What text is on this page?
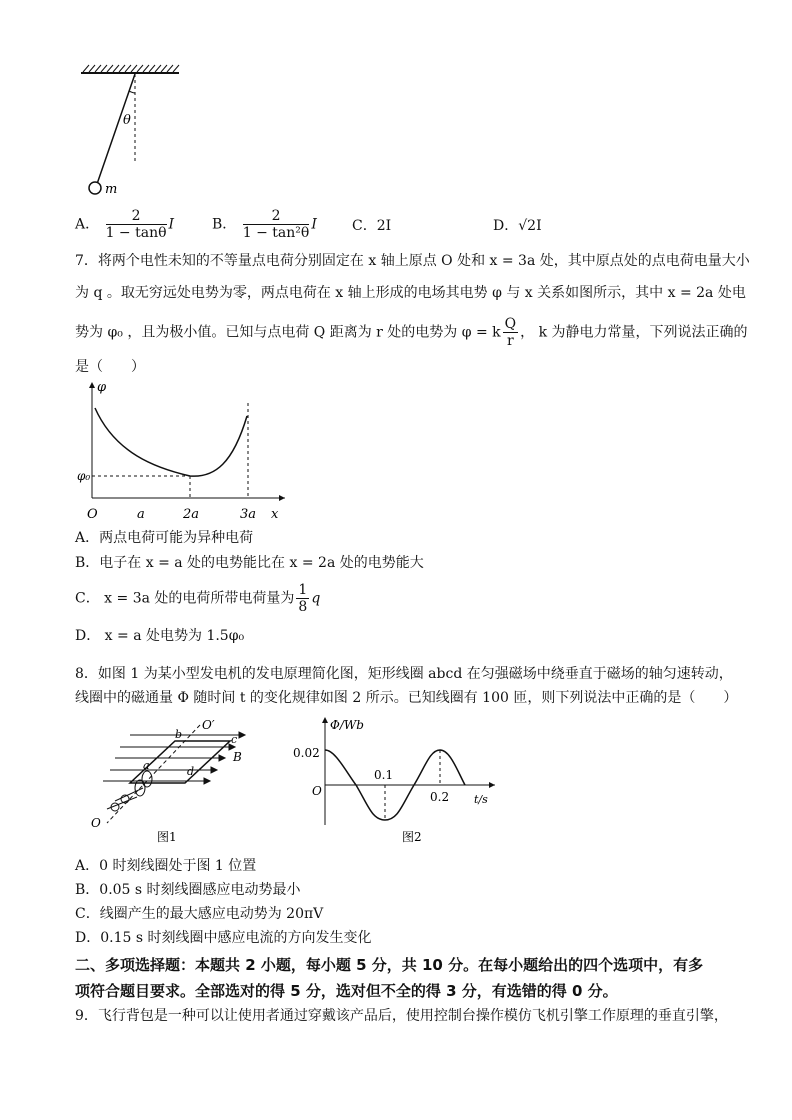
θ
m
A． $\frac{2}{1 - \tan\theta}$ I	B． $\frac{2}{\text{1 − tan²θ}}$ I	C．2I	D．√2I
7．将两个电性未知的不等量点电荷分别固定在 x 轴上原点 O 处和 x = 3a 处，其中原点处的点电荷电量大小
为 q 。取无穷远处电势为零，两点电荷在 x 轴上形成的电场其电势 φ 与 x 关系如图所示，其中 x = 2a 处电
势为 φ₀ ，且为极小值。已知与点电荷 Q 距离为 r 处的电势为 φ = k $\frac{Q}{r}$ ， k 为静电力常量，下列说法正确的
是（　　）
φ
x
φ₀
O	a	2a	3a
A．两点电荷可能为异种电荷
B．电子在 x = a 处的电势能比在 x = 2a 处的电势能大
C． x = 3a 处的电荷所带电荷量为 $\frac{1}{8}$ q
D． x = a 处电势为 1.5φ₀
8．如图 1 为某小型发电机的发电原理简化图，矩形线圈 abcd 在匀强磁场中绕垂直于磁场的轴匀速转动，
线圈中的磁通量 Φ 随时间 t 的变化规律如图 2 所示。已知线圈有 100 匝，则下列说法中正确的是（　　）
O′
b	c
B
a	d
O
图1
Φ/Wb
t/s
O
0.02
0.1
0.2
图2
A．0 时刻线圈处于图 1 位置
B．0.05 s 时刻线圈感应电动势最小
C．线圈产生的最大感应电动势为 20πV
D．0.15 s 时刻线圈中感应电流的方向发生变化
二、多项选择题：本题共 2 小题，每小题 5 分，共 10 分。在每小题给出的四个选项中，有多
项符合题目要求。全部选对的得 5 分，选对但不全的得 3 分，有选错的得 0 分。
9．飞行背包是一种可以让使用者通过穿戴该产品后，使用控制台操作模仿飞机引擎工作原理的垂直引擎，
